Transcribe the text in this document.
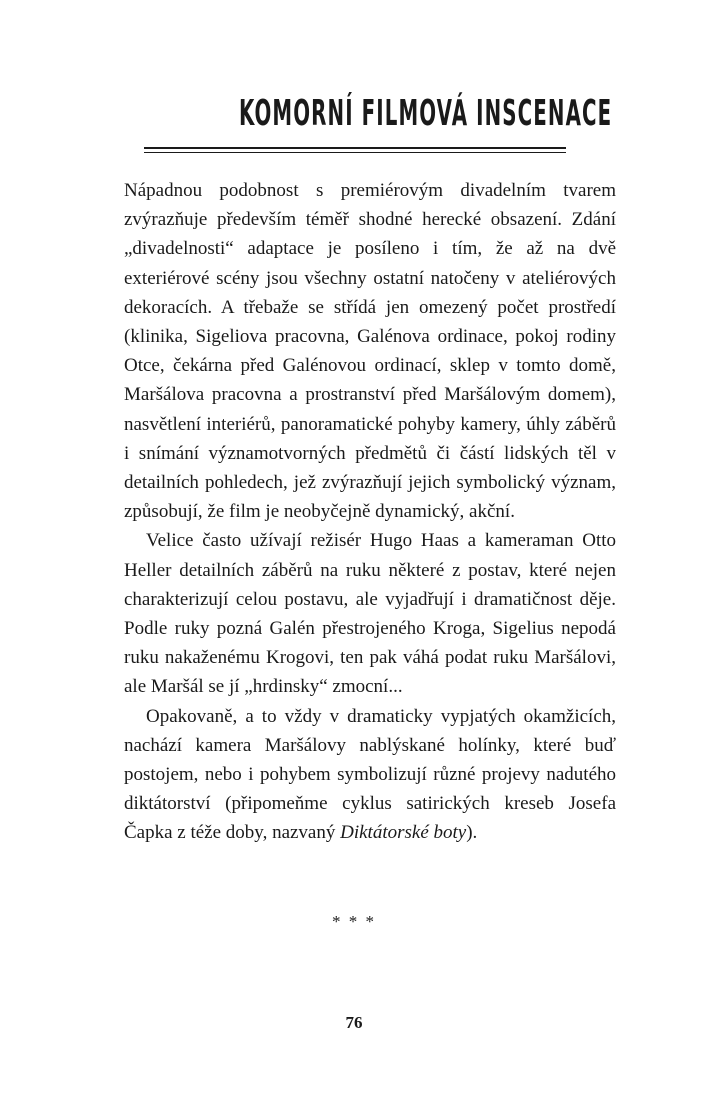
KOMORNÍ FILMOVÁ INSCENACE

Nápadnou podobnost s premiérovým divadelním tvarem zvýrazňuje především téměř shodné herecké obsazení. Zdání „divadelnosti“ adaptace je posíleno i tím, že až na dvě exteriérové scény jsou všechny ostatní natočeny v ateliérových dekoracích. A třebaže se střídá jen omezený počet prostředí (klinika, Sigeliova pracovna, Galénova ordinace, pokoj rodiny Otce, čekárna před Galénovou ordinací, sklep v tomto domě, Maršálova pracovna a prostranství před Maršálovým domem), nasvětlení interiérů, panoramatické pohyby kamery, úhly záběrů i snímání významotvorných předmětů či částí lidských těl v detailních pohledech, jež zvýrazňují jejich symbolický význam, způsobují, že film je neobyčejně dynamický, akční.

Velice často užívají režisér Hugo Haas a kameraman Otto Heller detailních záběrů na ruku některé z postav, které nejen charakterizují celou postavu, ale vyjadřují i dramatičnost děje. Podle ruky pozná Galén přestrojeného Kroga, Sigelius nepodá ruku nakaženému Krogovi, ten pak váhá podat ruku Maršálovi, ale Maršál se jí „hrdinsky“ zmocní...

Opakovaně, a to vždy v dramaticky vypjatých okamžicích, nachází kamera Maršálovy nablýskané holínky, které buď postojem, nebo i pohybem symbolizují různé projevy nadutého diktátorství (připomeňme cyklus satirických kreseb Josefa Čapka z téže doby, nazvaný Diktátorské boty).

* * *
76
